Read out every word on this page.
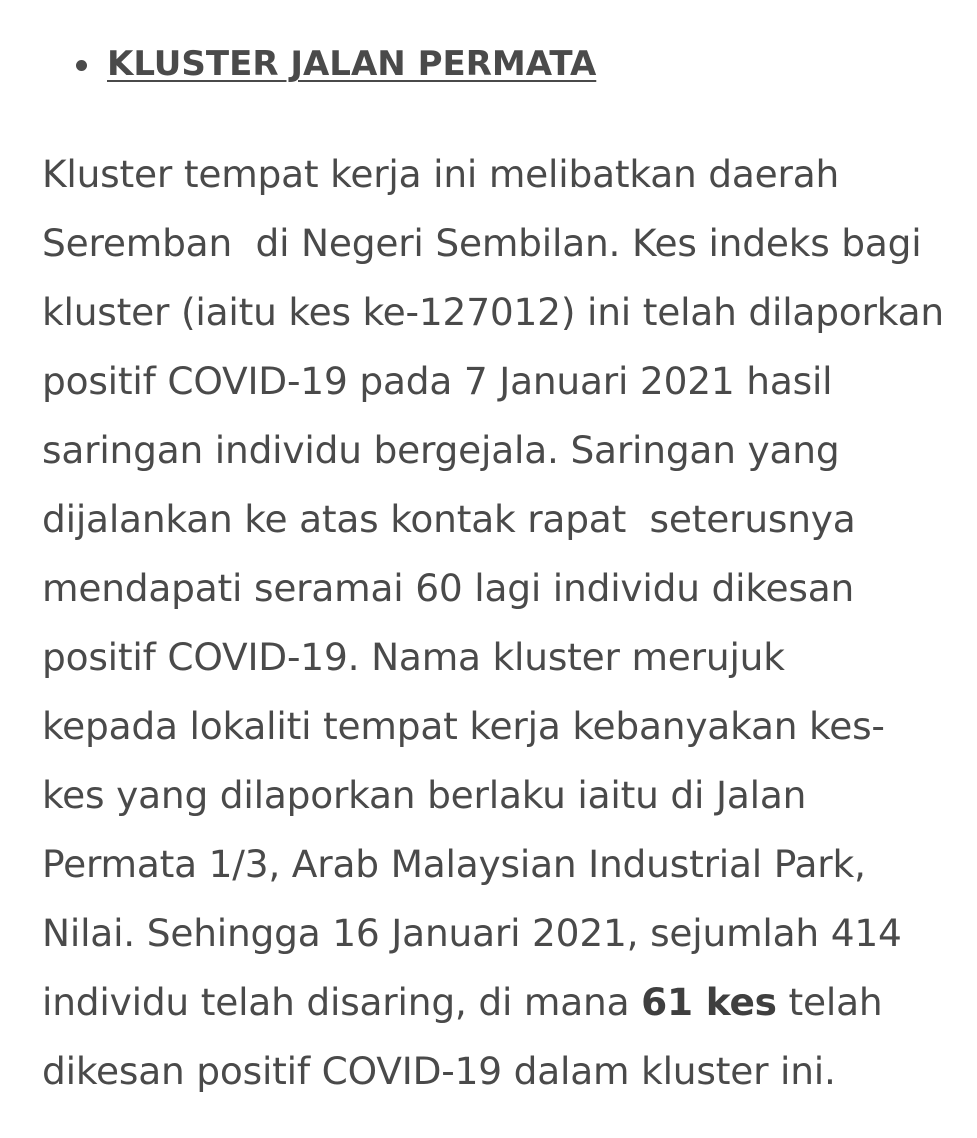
KLUSTER JALAN PERMATA
Kluster tempat kerja ini melibatkan daerah
Seremban  di Negeri Sembilan. Kes indeks bagi
kluster (iaitu kes ke-127012) ini telah dilaporkan
positif COVID-19 pada 7 Januari 2021 hasil
saringan individu bergejala. Saringan yang
dijalankan ke atas kontak rapat  seterusnya
mendapati seramai 60 lagi individu dikesan
positif COVID-19. Nama kluster merujuk
kepada lokaliti tempat kerja kebanyakan kes-
kes yang dilaporkan berlaku iaitu di Jalan
Permata 1/3, Arab Malaysian Industrial Park,
Nilai. Sehingga 16 Januari 2021, sejumlah 414
individu telah disaring, di mana 61 kes telah
dikesan positif COVID-19 dalam kluster ini.
